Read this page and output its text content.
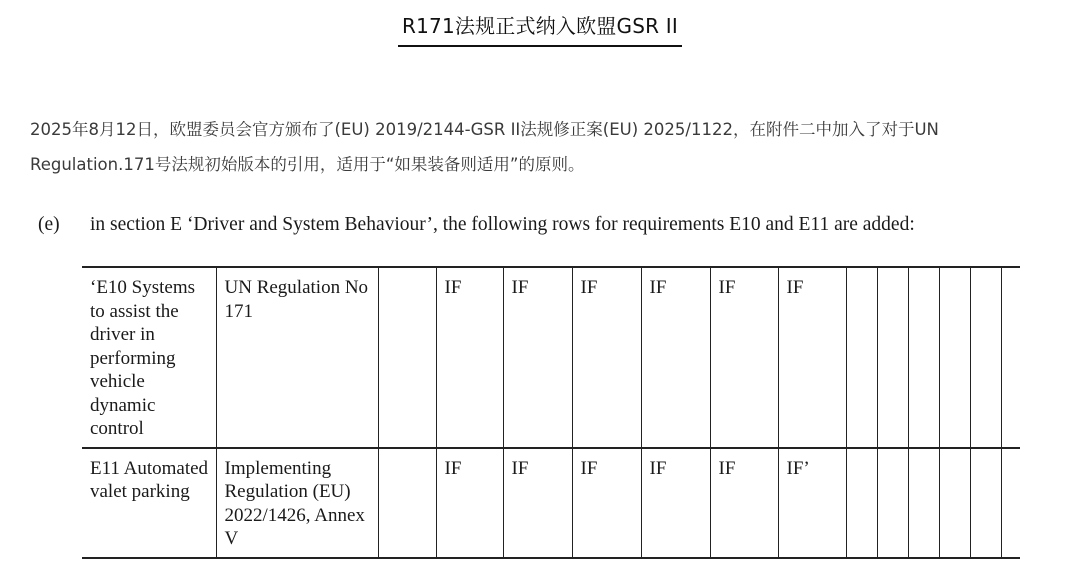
R171法规正式纳入欧盟GSR II

2025年8月12日，欧盟委员会官方颁布了(EU) 2019/2144-GSR II法规修正案(EU) 2025/1122，在附件二中加入了对于UN Regulation.171号法规初始版本的引用，适用于“如果装备则适用”的原则。

(e) in section E ‘Driver and System Behaviour’, the following rows for requirements E10 and E11 are added:
‘E10 Systems to assist the driver in performing vehicle dynamic control	UN Regulation No 171		IF	IF	IF	IF	IF	IF						
E11 Automated valet parking	Implementing Regulation (EU) 2022/1426, Annex V		IF	IF	IF	IF	IF	IF’						
